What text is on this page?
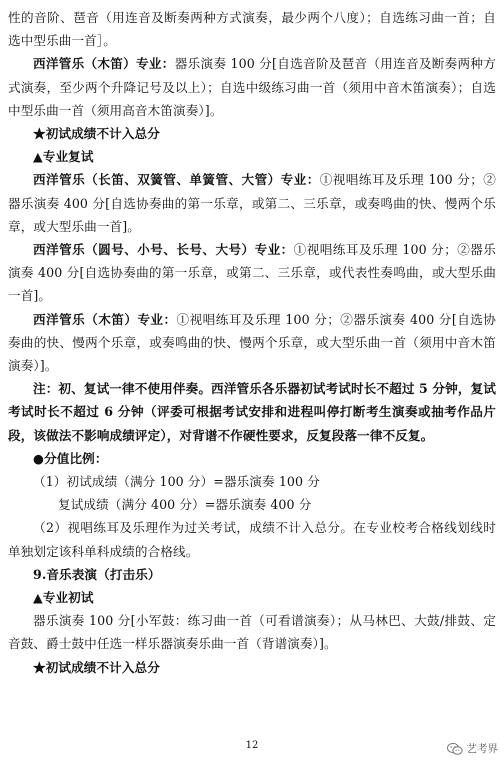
性的音阶、琶音（用连音及断奏两种方式演奏，最少两个八度）；自选练习曲一首；自选中型乐曲一首］。

西洋管乐（木笛）专业：器乐演奏 100 分[自选音阶及琶音（用连音及断奏两种方式演奏，至少两个升降记号及以上）；自选中级练习曲一首（须用中音木笛演奏）；自选中型乐曲一首（须用高音木笛演奏）]。

★初试成绩不计入总分

▲专业复试

西洋管乐（长笛、双簧管、单簧管、大管）专业：①视唱练耳及乐理 100 分；②器乐演奏 400 分[自选协奏曲的第一乐章，或第二、三乐章，或奏鸣曲的快、慢两个乐章，或大型乐曲一首]。

西洋管乐（圆号、小号、长号、大号）专业：①视唱练耳及乐理 100 分；②器乐演奏 400 分[自选协奏曲的第一乐章，或第二、三乐章，或代表性奏鸣曲，或大型乐曲一首]。

西洋管乐（木笛）专业：①视唱练耳及乐理 100 分；②器乐演奏 400 分[自选协奏曲的快、慢两个乐章，或奏鸣曲的快、慢两个乐章，或大型乐曲一首（须用中音木笛演奏）]。

注：初、复试一律不使用伴奏。西洋管乐各乐器初试考试时长不超过 5 分钟，复试考试时长不超过 6 分钟（评委可根据考试安排和进程叫停打断考生演奏或抽考作品片段，该做法不影响成绩评定），对背谱不作硬性要求，反复段落一律不反复。

●分值比例：

（1）初试成绩（满分 100 分）=器乐演奏 100 分

复试成绩（满分 400 分）=器乐演奏 400 分

（2）视唱练耳及乐理作为过关考试，成绩不计入总分。在专业校考合格线划线时单独划定该科单科成绩的合格线。

9.音乐表演（打击乐）

▲专业初试

器乐演奏 100 分[小军鼓：练习曲一首（可看谱演奏）；从马林巴、大鼓/排鼓、定音鼓、爵士鼓中任选一样乐器演奏乐曲一首（背谱演奏）]。

★初试成绩不计入总分

12	艺考界
